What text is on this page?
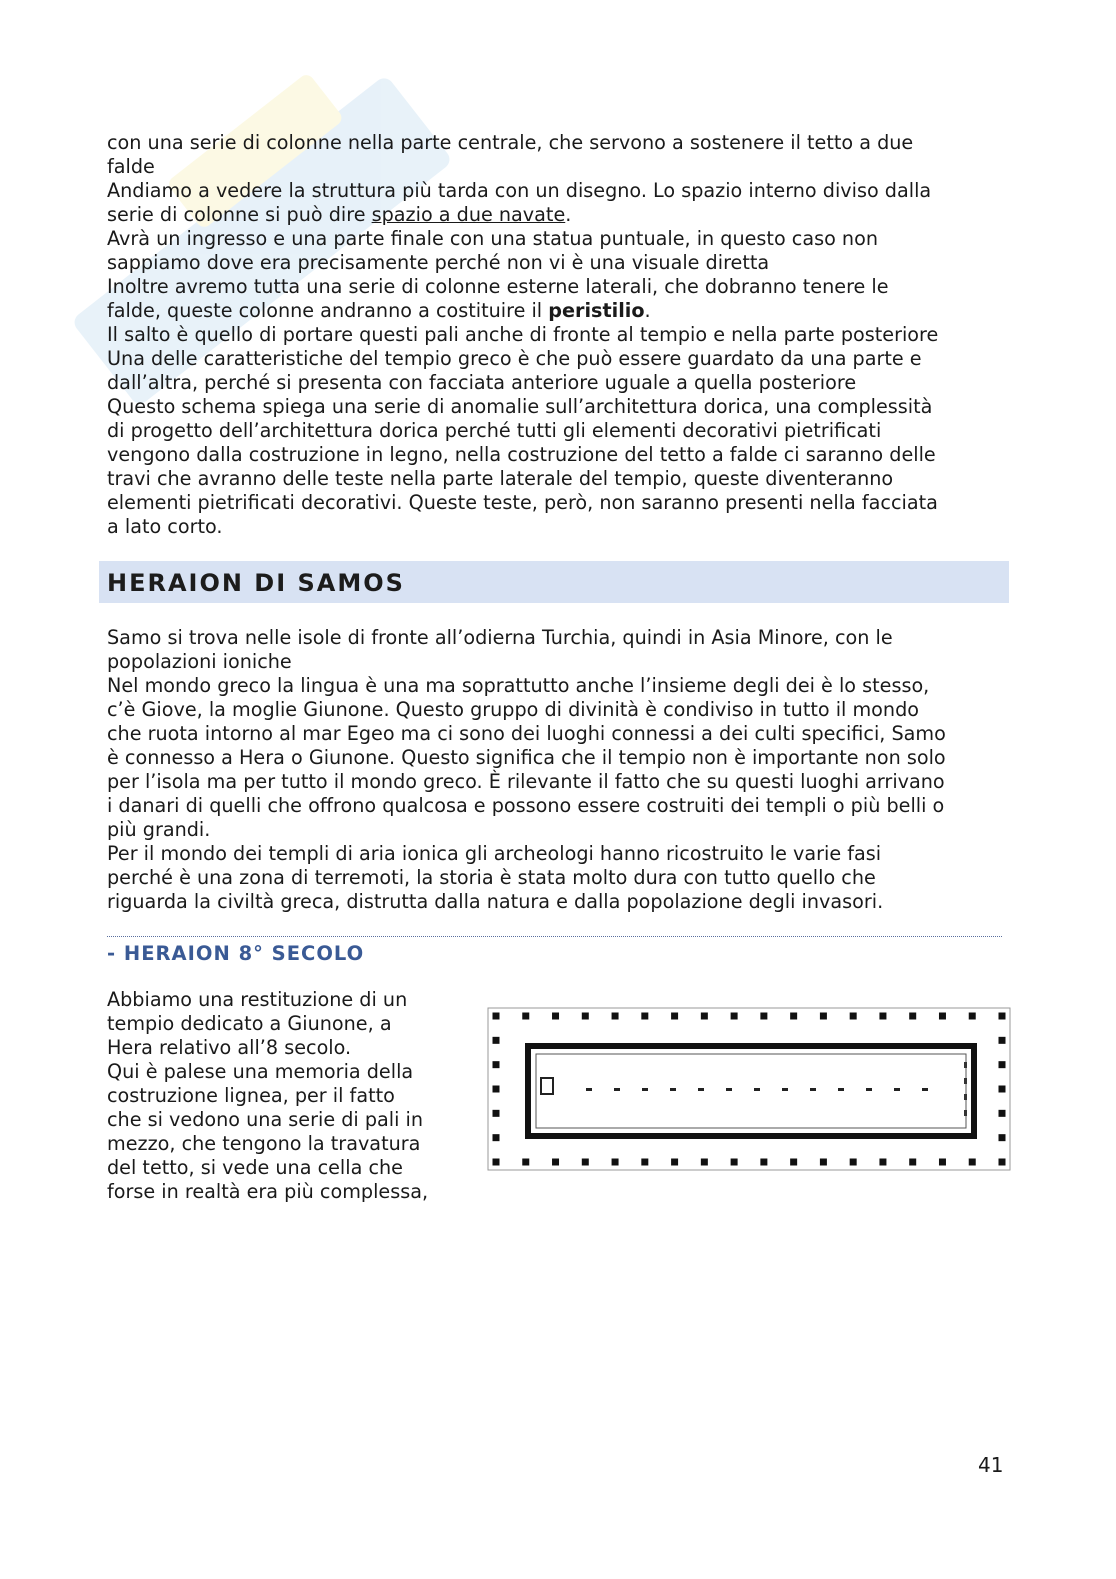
con una serie di colonne nella parte centrale, che servono a sostenere il tetto a due

falde

Andiamo a vedere la struttura più tarda con un disegno. Lo spazio interno diviso dalla

serie di colonne si può dire spazio a due navate.

Avrà un ingresso e una parte finale con una statua puntuale, in questo caso non

sappiamo dove era precisamente perché non vi è una visuale diretta

Inoltre avremo tutta una serie di colonne esterne laterali, che dobranno tenere le

falde, queste colonne andranno a costituire il peristilio.

Il salto è quello di portare questi pali anche di fronte al tempio e nella parte posteriore

Una delle caratteristiche del tempio greco è che può essere guardato da una parte e

dall’altra, perché si presenta con facciata anteriore uguale a quella posteriore

Questo schema spiega una serie di anomalie sull’architettura dorica, una complessità

di progetto dell’architettura dorica perché tutti gli elementi decorativi pietrificati

vengono dalla costruzione in legno, nella costruzione del tetto a falde ci saranno delle

travi che avranno delle teste nella parte laterale del tempio, queste diventeranno

elementi pietrificati decorativi. Queste teste, però, non saranno presenti nella facciata

a lato corto.

HERAION DI SAMOS

Samo si trova nelle isole di fronte all’odierna Turchia, quindi in Asia Minore, con le

popolazioni ioniche

Nel mondo greco la lingua è una ma soprattutto anche l’insieme degli dei è lo stesso,

c’è Giove, la moglie Giunone. Questo gruppo di divinità è condiviso in tutto il mondo

che ruota intorno al mar Egeo ma ci sono dei luoghi connessi a dei culti specifici, Samo

è connesso a Hera o Giunone. Questo significa che il tempio non è importante non solo

per l’isola ma per tutto il mondo greco. È rilevante il fatto che su questi luoghi arrivano

i danari di quelli che offrono qualcosa e possono essere costruiti dei templi o più belli o

più grandi.

Per il mondo dei templi di aria ionica gli archeologi hanno ricostruito le varie fasi

perché è una zona di terremoti, la storia è stata molto dura con tutto quello che

riguarda la civiltà greca, distrutta dalla natura e dalla popolazione degli invasori.

- HERAION 8° SECOLO

Abbiamo una restituzione di un

tempio dedicato a Giunone, a

Hera relativo all’8 secolo.

Qui è palese una memoria della

costruzione lignea, per il fatto

che si vedono una serie di pali in

mezzo, che tengono la travatura

del tetto, si vede una cella che

forse in realtà era più complessa,

41
